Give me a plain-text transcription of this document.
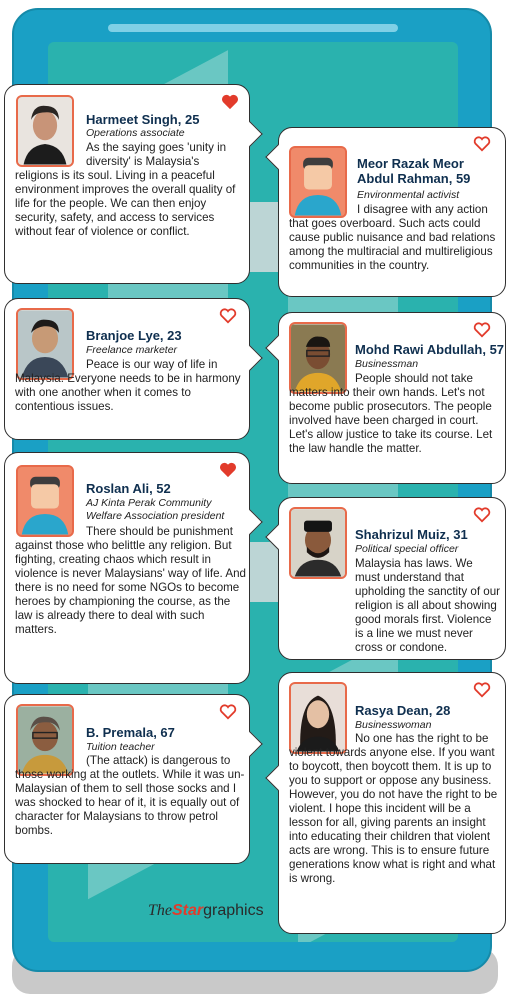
Harmeet Singh, 25
Operations associate
As the saying goes 'unity in diversity' is Malaysia's
religions is its soul. Living in a peaceful environment improves the overall quality of life for the people. We can then enjoy security, safety, and access to services without fear of violence or conflict.
Meor Razak Meor Abdul Rahman, 59
Environmental activist
I disagree with any action that goes overboard. Such acts could cause public nuisance and bad relations among the multiracial and multireligious communities in the country.
Branjoe Lye, 23
Freelance marketer
Peace is our way of life in Malaysia. Everyone needs to be in harmony with one another when it comes to contentious issues.
Mohd Rawi Abdullah, 57
Businessman
People should not take matters into their own hands. Let's not become public prosecutors. The people involved have been charged in court. Let's allow justice to take its course. Let the law handle the matter.
Roslan Ali, 52
AJ Kinta Perak Community Welfare Association president
There should be punishment against those who belittle any religion. But fighting, creating chaos which result in violence is never Malaysians' way of life. And there is no need for some NGOs to become heroes by championing the course, as the law is already there to deal with such matters.
Shahrizul Muiz, 31
Political special officer
Malaysia has laws. We must understand that upholding the sanctity of our religion is all about showing good morals first. Violence is a line we must never cross or condone.
B. Premala, 67
Tuition teacher
(The attack) is dangerous to those working at the outlets. While it was un-Malaysian of them to sell those socks and I was shocked to hear of it, it is equally out of character for Malaysians to throw petrol bombs.
Rasya Dean, 28
Businesswoman
No one has the right to be violent towards anyone else. If you want to boycott, then boycott them. It is up to you to support or oppose any business. However, you do not have the right to be violent. I hope this incident will be a lesson for all, giving parents an insight into educating their children that violent acts are wrong. This is to ensure future generations know what is right and what is wrong.
TheStargraphics
